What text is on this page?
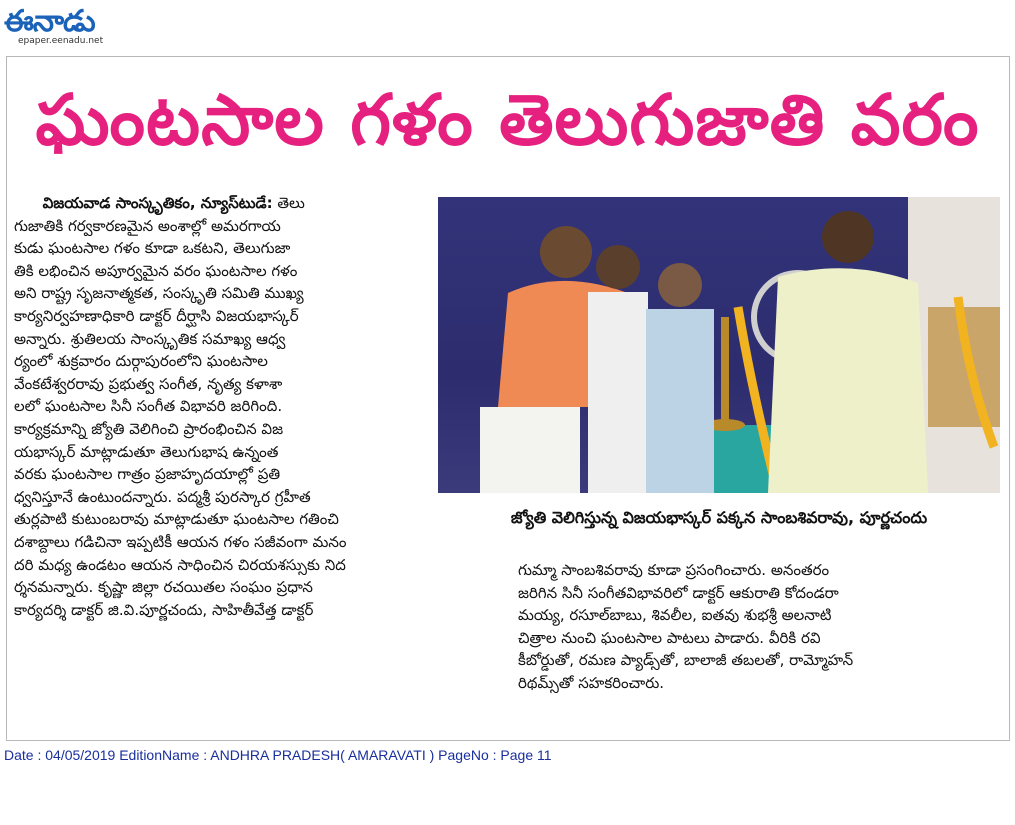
ఈనాడు
epaper.eenadu.net
ఘంటసాల గళం తెలుగుజాతి వరం
విజయవాడ సాంస్కృతికం, న్యూస్‌టుడే: తెలు
గుజాతికి గర్వకారణమైన అంశాల్లో అమరగాయ
కుడు ఘంటసాల గళం కూడా ఒకటని, తెలుగుజా
తికి లభించిన అపూర్వమైన వరం ఘంటసాల గళం
అని రాష్ట్ర సృజనాత్మకత, సంస్కృతి సమితి ముఖ్య
కార్యనిర్వహణాధికారి డాక్టర్ దీర్ఘాసి విజయభాస్కర్
అన్నారు. శ్రుతిలయ సాంస్కృతిక సమాఖ్య ఆధ్వ
ర్యంలో శుక్రవారం దుర్గాపురంలోని ఘంటసాల
వేంకటేశ్వరరావు ప్రభుత్వ సంగీత, నృత్య కళాశా
లలో ఘంటసాల సినీ సంగీత విభావరి జరిగింది.
కార్యక్రమాన్ని జ్యోతి వెలిగించి ప్రారంభించిన విజ
యభాస్కర్ మాట్లాడుతూ తెలుగుభాష ఉన్నంత
వరకు ఘంటసాల గాత్రం ప్రజాహృదయాల్లో ప్రతి
ధ్వనిస్తూనే ఉంటుందన్నారు. పద్మశ్రీ పురస్కార గ్రహీత
తుర్లపాటి కుటుంబరావు మాట్లాడుతూ ఘంటసాల గతించి
దశాబ్దాలు గడిచినా ఇప్పటికీ ఆయన గళం సజీవంగా మనం
దరి మధ్య ఉండటం ఆయన సాధించిన చిరయశస్సుకు నిద
ర్శనమన్నారు. కృష్ణా జిల్లా రచయితల సంఘం ప్రధాన
కార్యదర్శి డాక్టర్ జి.వి.పూర్ణచందు, సాహితీవేత్త డాక్టర్
జ్యోతి వెలిగిస్తున్న విజయభాస్కర్ పక్కన సాంబశివరావు, పూర్ణచందు
గుమ్మా సాంబశివరావు కూడా ప్రసంగించారు. అనంతరం
జరిగిన సినీ సంగీతవిభావరిలో డాక్టర్ ఆకురాతి కోదండరా
మయ్య, రసూల్‌బాబు, శివలీల, ఐతవు శుభశ్రీ అలనాటి
చిత్రాల నుంచి ఘంటసాల పాటలు పాడారు. వీరికి రవి
కీబోర్డుతో, రమణ ప్యాడ్స్‌తో, బాలాజీ తబలతో, రామ్మోహన్
రిథమ్స్‌తో సహకరించారు.
Date : 04/05/2019 EditionName : ANDHRA PRADESH( AMARAVATI ) PageNo : Page 11
